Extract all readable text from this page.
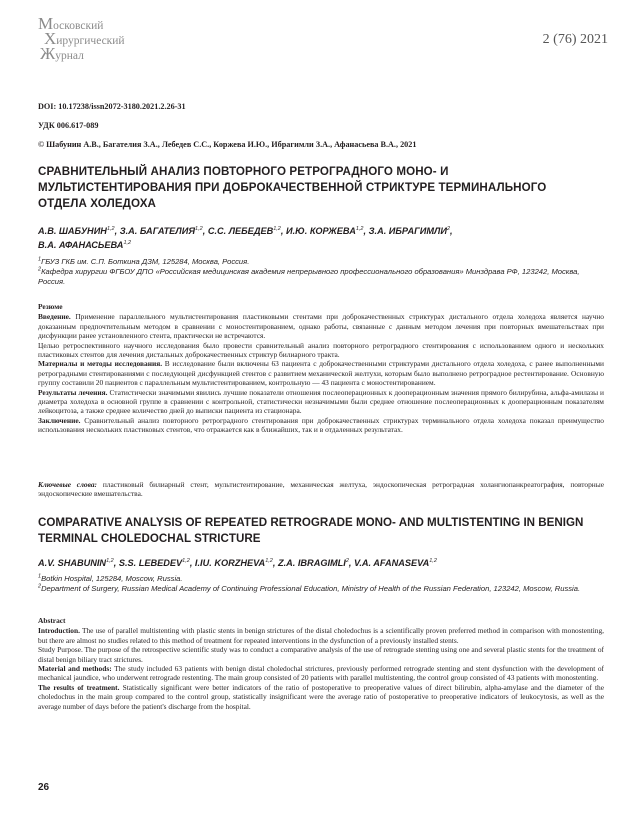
Московский
Хирургический
Журнал
2 (76) 2021
DOI: 10.17238/issn2072-3180.2021.2.26-31
УДК 006.617-089
© Шабунин А.В., Багателия З.А., Лебедев С.С., Коржева И.Ю., Ибрагимли З.А., Афанасьева В.А., 2021
СРАВНИТЕЛЬНЫЙ АНАЛИЗ ПОВТОРНОГО РЕТРОГРАДНОГО МОНО- И МУЛЬТИСТЕНТИРОВАНИЯ ПРИ ДОБРОКАЧЕСТВЕННОЙ СТРИКТУРЕ ТЕРМИНАЛЬНОГО ОТДЕЛА ХОЛЕДОХА
А.В. ШАБУНИН$^{1,2}$, З.А. БАГАТЕЛИЯ$^{1,2}$, С.С. ЛЕБЕДЕВ$^{1,2}$, И.Ю. КОРЖЕВА$^{1,2}$, З.А. ИБРАГИМЛИ$^2$,
В.А. АФАНАСЬЕВА$^{1,2}$

$^1$ГБУЗ ГКБ им. С.П. Боткина ДЗМ, 125284, Москва, Россия.

$^2$Кафедра хирургии ФГБОУ ДПО «Российская медицинская академия непрерывного профессионального образования» Минздрава РФ, 123242, Москва, Россия.

Резюме

Введение. Применение параллельного мультистентирования пластиковыми стентами при доброкачественных стриктурах дистального отдела холедоха является научно доказанным предпочтительным методом в сравнении с моностентированием, однако работы, связанные с данным методом лечения при повторных вмешательствах при дисфункции ранее установленного стента, практически не встречаются.

Целью ретроспективного научного исследования было провести сравнительный анализ повторного ретроградного стентирования с использованием одного и нескольких пластиковых стентов для лечения дистальных доброкачественных стриктур билиарного тракта.

Материалы и методы исследования. В исследование были включены 63 пациента с доброкачественными стриктурами дистального отдела холедоха, с ранее выполненными ретроградными стентированиями с последующей дисфункцией стентов с развитием механической желтухи, которым было выполнено ретроградное рестентирование. Основную группу составили 20 пациентов с параллельным мультистентированием, контрольную — 43 пациента с моностентированием.

Результаты лечения. Статистически значимыми явились лучшие показатели отношения послеоперационных к дооперационным значения прямого билирубина, альфа-амилазы и диаметра холедоха в основной группе в сравнении с контрольной, статистически незначимыми были среднее отношение послеоперационных к дооперационным показателям лейкоцитоза, а также среднее количество дней до выписки пациента из стационара.

Заключение. Сравнительный анализ повторного ретроградного стентирования при доброкачественных стриктурах терминального отдела холедоха показал преимущество использования нескольких пластиковых стентов, что отражается как в ближайших, так и в отдаленных результатах.

Ключевые слова: пластиковый билиарный стент, мультистентирование, механическая желтуха, эндоскопическая ретроградная холангиопанкреатография, повторные эндоскопические вмешательства.
COMPARATIVE ANALYSIS OF REPEATED RETROGRADE MONO- AND MULTISTENTING IN BENIGN TERMINAL CHOLEDOCHAL STRICTURE
A.V. SHABUNIN$^{1,2}$, S.S. LEBEDEV$^{1,2}$, I.IU. KORZHEVA$^{1,2}$, Z.A. IBRAGIMLI$^2$, V.A. AFANASEVA$^{1,2}$

$^1$Botkin Hospital, 125284, Moscow, Russia.

$^2$Department of Surgery, Russian Medical Academy of Continuing Professional Education, Ministry of Health of the Russian Federation, 123242, Moscow, Russia.

Abstract

Introduction. The use of parallel multistenting with plastic stents in benign strictures of the distal choledochus is a scientifically proven preferred method in comparison with monostenting, but there are almost no studies related to this method of treatment for repeated interventions in the dysfunction of a previously installed stents.

Study Purpose. The purpose of the retrospective scientific study was to conduct a comparative analysis of the use of retrograde stenting using one and several plastic stents for the treatment of distal benign biliary tract strictures.

Material and methods: The study included 63 patients with benign distal choledochal strictures, previously performed retrograde stenting and stent dysfunction with the development of mechanical jaundice, who underwent retrograde restenting. The main group consisted of 20 patients with parallel multistenting, the control group consisted of 43 patients with monostenting.

The results of treatment. Statistically significant were better indicators of the ratio of postoperative to preoperative values of direct bilirubin, alpha-amylase and the diameter of the choledochus in the main group compared to the control group, statistically insignificant were the average ratio of postoperative to preoperative indicators of leukocytosis, as well as the average number of days before the patient's discharge from the hospital.

26
